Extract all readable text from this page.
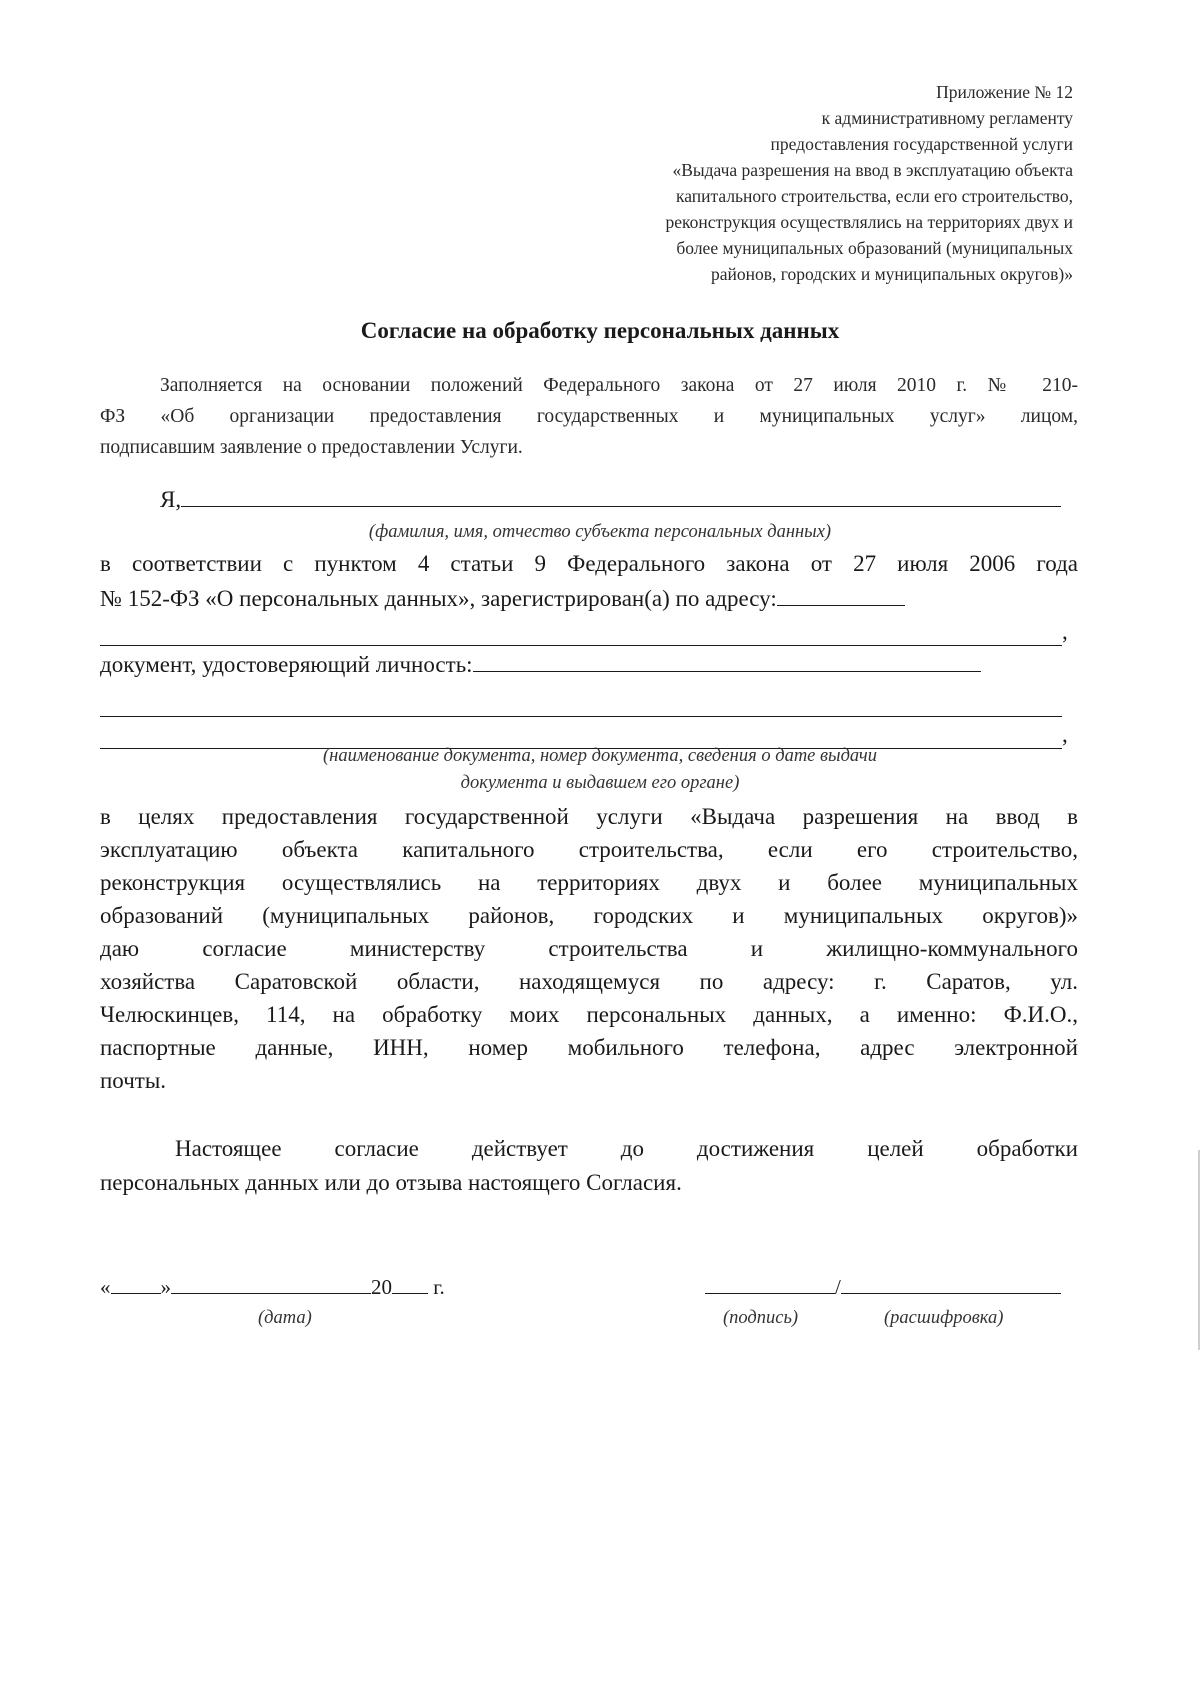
Приложение № 12
к административному регламенту
предоставления государственной услуги
«Выдача разрешения на ввод в эксплуатацию объекта
капитального строительства, если его строительство,
реконструкция осуществлялись на территориях двух и
более муниципальных образований (муниципальных
районов, городских и муниципальных округов)»
Согласие на обработку персональных данных
Заполняется на основании положений Федерального закона от 27 июля 2010 г. № 210-
ФЗ «Об организации предоставления государственных и муниципальных услуг» лицом,
подписавшим заявление о предоставлении Услуги.
Я,
(фамилия, имя, отчество субъекта персональных данных)
в соответствии с пунктом 4 статьи 9 Федерального закона от 27 июля 2006 года
№ 152-ФЗ «О персональных данных», зарегистрирован(а) по адресу:
,
документ, удостоверяющий личность:

,
(наименование документа, номер документа, сведения о дате выдачи
документа и выдавшем его органе)
в целях предоставления государственной услуги «Выдача разрешения на ввод в
эксплуатацию объекта капитального строительства, если его строительство,
реконструкция осуществлялись на территориях двух и более муниципальных
образований (муниципальных районов, городских и муниципальных округов)»
даю согласие министерству строительства и жилищно-коммунального
хозяйства Саратовской области, находящемуся по адресу: г. Саратов, ул.
Челюскинцев, 114, на обработку моих персональных данных, а именно: Ф.И.О.,
паспортные данные, ИНН, номер мобильного телефона, адрес электронной
почты.
Настоящее согласие действует до достижения целей обработки
персональных данных или до отзыва настоящего Согласия.
« »	20 г.
(дата)
/
(подпись)	(расшифровка)
